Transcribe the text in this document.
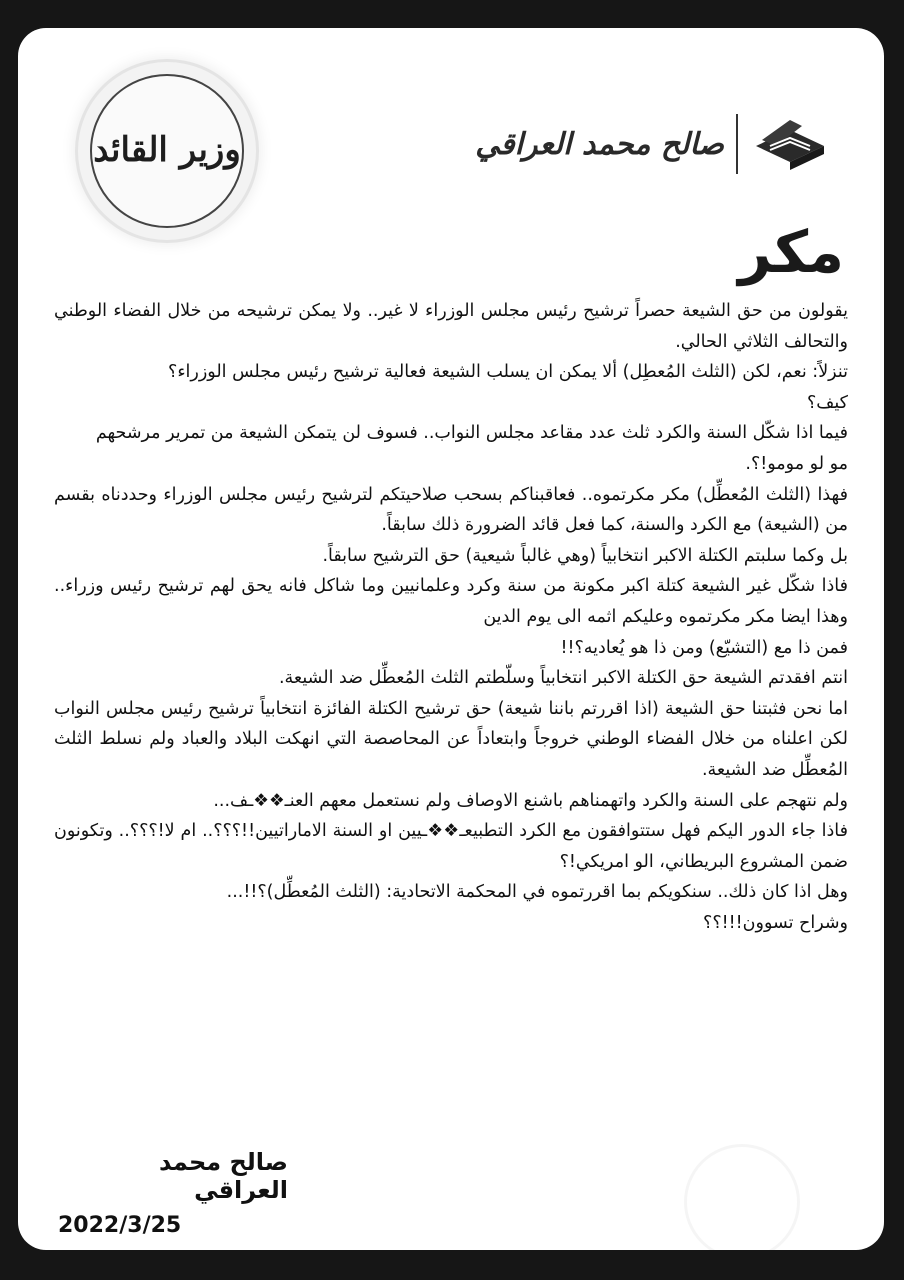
وزير القائد	صالح محمد العراقي
مكر

يقولون من حق الشيعة حصراً ترشيح رئيس مجلس الوزراء لا غير.. ولا يمكن ترشيحه من خلال الفضاء الوطني والتحالف الثلاثي الحالي.

تنزلاً: نعم، لكن (الثلث المُعطِل) ألا يمكن ان يسلب الشيعة فعالية ترشيح رئيس مجلس الوزراء؟

كيف؟

فيما اذا شكّل السنة والكرد ثلث عدد مقاعد مجلس النواب.. فسوف لن يتمكن الشيعة من تمرير مرشحهم

مو لو مومو!؟.

فهذا (الثلث المُعطِّل) مكر مكرتموه.. فعاقبناكم بسحب صلاحيتكم لترشيح رئيس مجلس الوزراء وحددناه بقسم من (الشيعة) مع الكرد والسنة، كما فعل قائد الضرورة ذلك سابقاً.

بل وكما سلبتم الكتلة الاكبر انتخابياً (وهي غالباً شيعية) حق الترشيح سابقاً.

فاذا شكّل غير الشيعة كتلة اكبر مكونة من سنة وكرد وعلمانيين وما شاكل فانه يحق لهم ترشيح رئيس وزراء.. وهذا ايضا مكر مكرتموه وعليكم اثمه الى يوم الدين

فمن ذا مع (التشيّع) ومن ذا هو يُعاديه؟!!

انتم افقدتم الشيعة حق الكتلة الاكبر انتخابياً وسلّطتم الثلث المُعطِّل ضد الشيعة.

اما نحن فثبتنا حق الشيعة (اذا اقررتم باننا شيعة) حق ترشيح الكتلة الفائزة انتخابياً ترشيح رئيس مجلس النواب لكن اعلناه من خلال الفضاء الوطني خروجاً وابتعاداً عن المحاصصة التي انهكت البلاد والعباد ولم نسلط الثلث المُعطِّل ضد الشيعة.

ولم نتهجم على السنة والكرد واتهمناهم باشنع الاوصاف ولم نستعمل معهم العنـ❖❖ـف...

فاذا جاء الدور اليكم فهل ستتوافقون مع الكرد التطبيعـ❖❖ـيين او السنة الاماراتيين!!؟؟؟.. ام لا!؟؟؟.. وتكونون ضمن المشروع البريطاني، الو امريكي!؟

وهل اذا كان ذلك.. سنكويكم بما اقررتموه في المحكمة الاتحادية: (الثلث المُعطِّل)؟!!...

وشراح تسوون!!!؟؟

صالح محمد العراقي
2022/3/25
